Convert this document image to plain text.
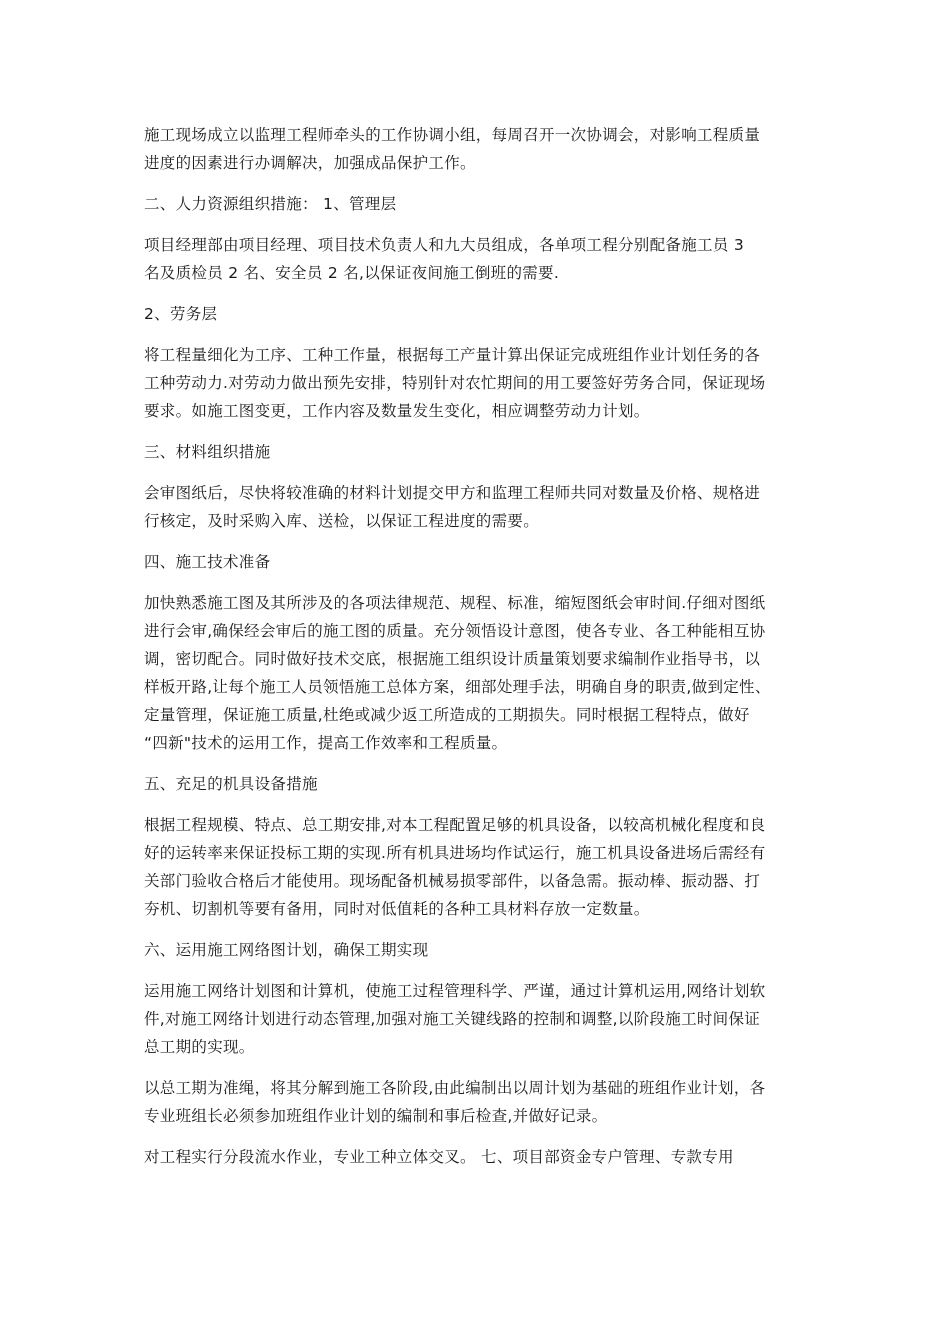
施工现场成立以监理工程师牵头的工作协调小组，每周召开一次协调会，对影响工程质量
进度的因素进行办调解决，加强成品保护工作。

二、人力资源组织措施： 1、管理层

项目经理部由项目经理、项目技术负责人和九大员组成，各单项工程分别配备施工员 3
名及质检员 2 名、安全员 2 名,以保证夜间施工倒班的需要.

2、劳务层

将工程量细化为工序、工种工作量，根据每工产量计算出保证完成班组作业计划任务的各
工种劳动力.对劳动力做出预先安排，特别针对农忙期间的用工要签好劳务合同，保证现场
要求。如施工图变更，工作内容及数量发生变化，相应调整劳动力计划。

三、材料组织措施

会审图纸后，尽快将较准确的材料计划提交甲方和监理工程师共同对数量及价格、规格进
行核定，及时采购入库、送检，以保证工程进度的需要。

四、施工技术准备

加快熟悉施工图及其所涉及的各项法律规范、规程、标准，缩短图纸会审时间.仔细对图纸
进行会审,确保经会审后的施工图的质量。充分领悟设计意图，使各专业、各工种能相互协
调，密切配合。同时做好技术交底，根据施工组织设计质量策划要求编制作业指导书，以
样板开路,让每个施工人员领悟施工总体方案，细部处理手法，明确自身的职责,做到定性、
定量管理，保证施工质量,杜绝或减少返工所造成的工期损失。同时根据工程特点，做好
“四新"技术的运用工作，提高工作效率和工程质量。

五、充足的机具设备措施

根据工程规模、特点、总工期安排,对本工程配置足够的机具设备，以较高机械化程度和良
好的运转率来保证投标工期的实现.所有机具进场均作试运行，施工机具设备进场后需经有
关部门验收合格后才能使用。现场配备机械易损零部件，以备急需。振动棒、振动器、打
夯机、切割机等要有备用，同时对低值耗的各种工具材料存放一定数量。

六、运用施工网络图计划，确保工期实现

运用施工网络计划图和计算机，使施工过程管理科学、严谨，通过计算机运用,网络计划软
件,对施工网络计划进行动态管理,加强对施工关键线路的控制和调整,以阶段施工时间保证
总工期的实现。

以总工期为准绳，将其分解到施工各阶段,由此编制出以周计划为基础的班组作业计划，各
专业班组长必须参加班组作业计划的编制和事后检查,并做好记录。

对工程实行分段流水作业，专业工种立体交叉。 七、项目部资金专户管理、专款专用
